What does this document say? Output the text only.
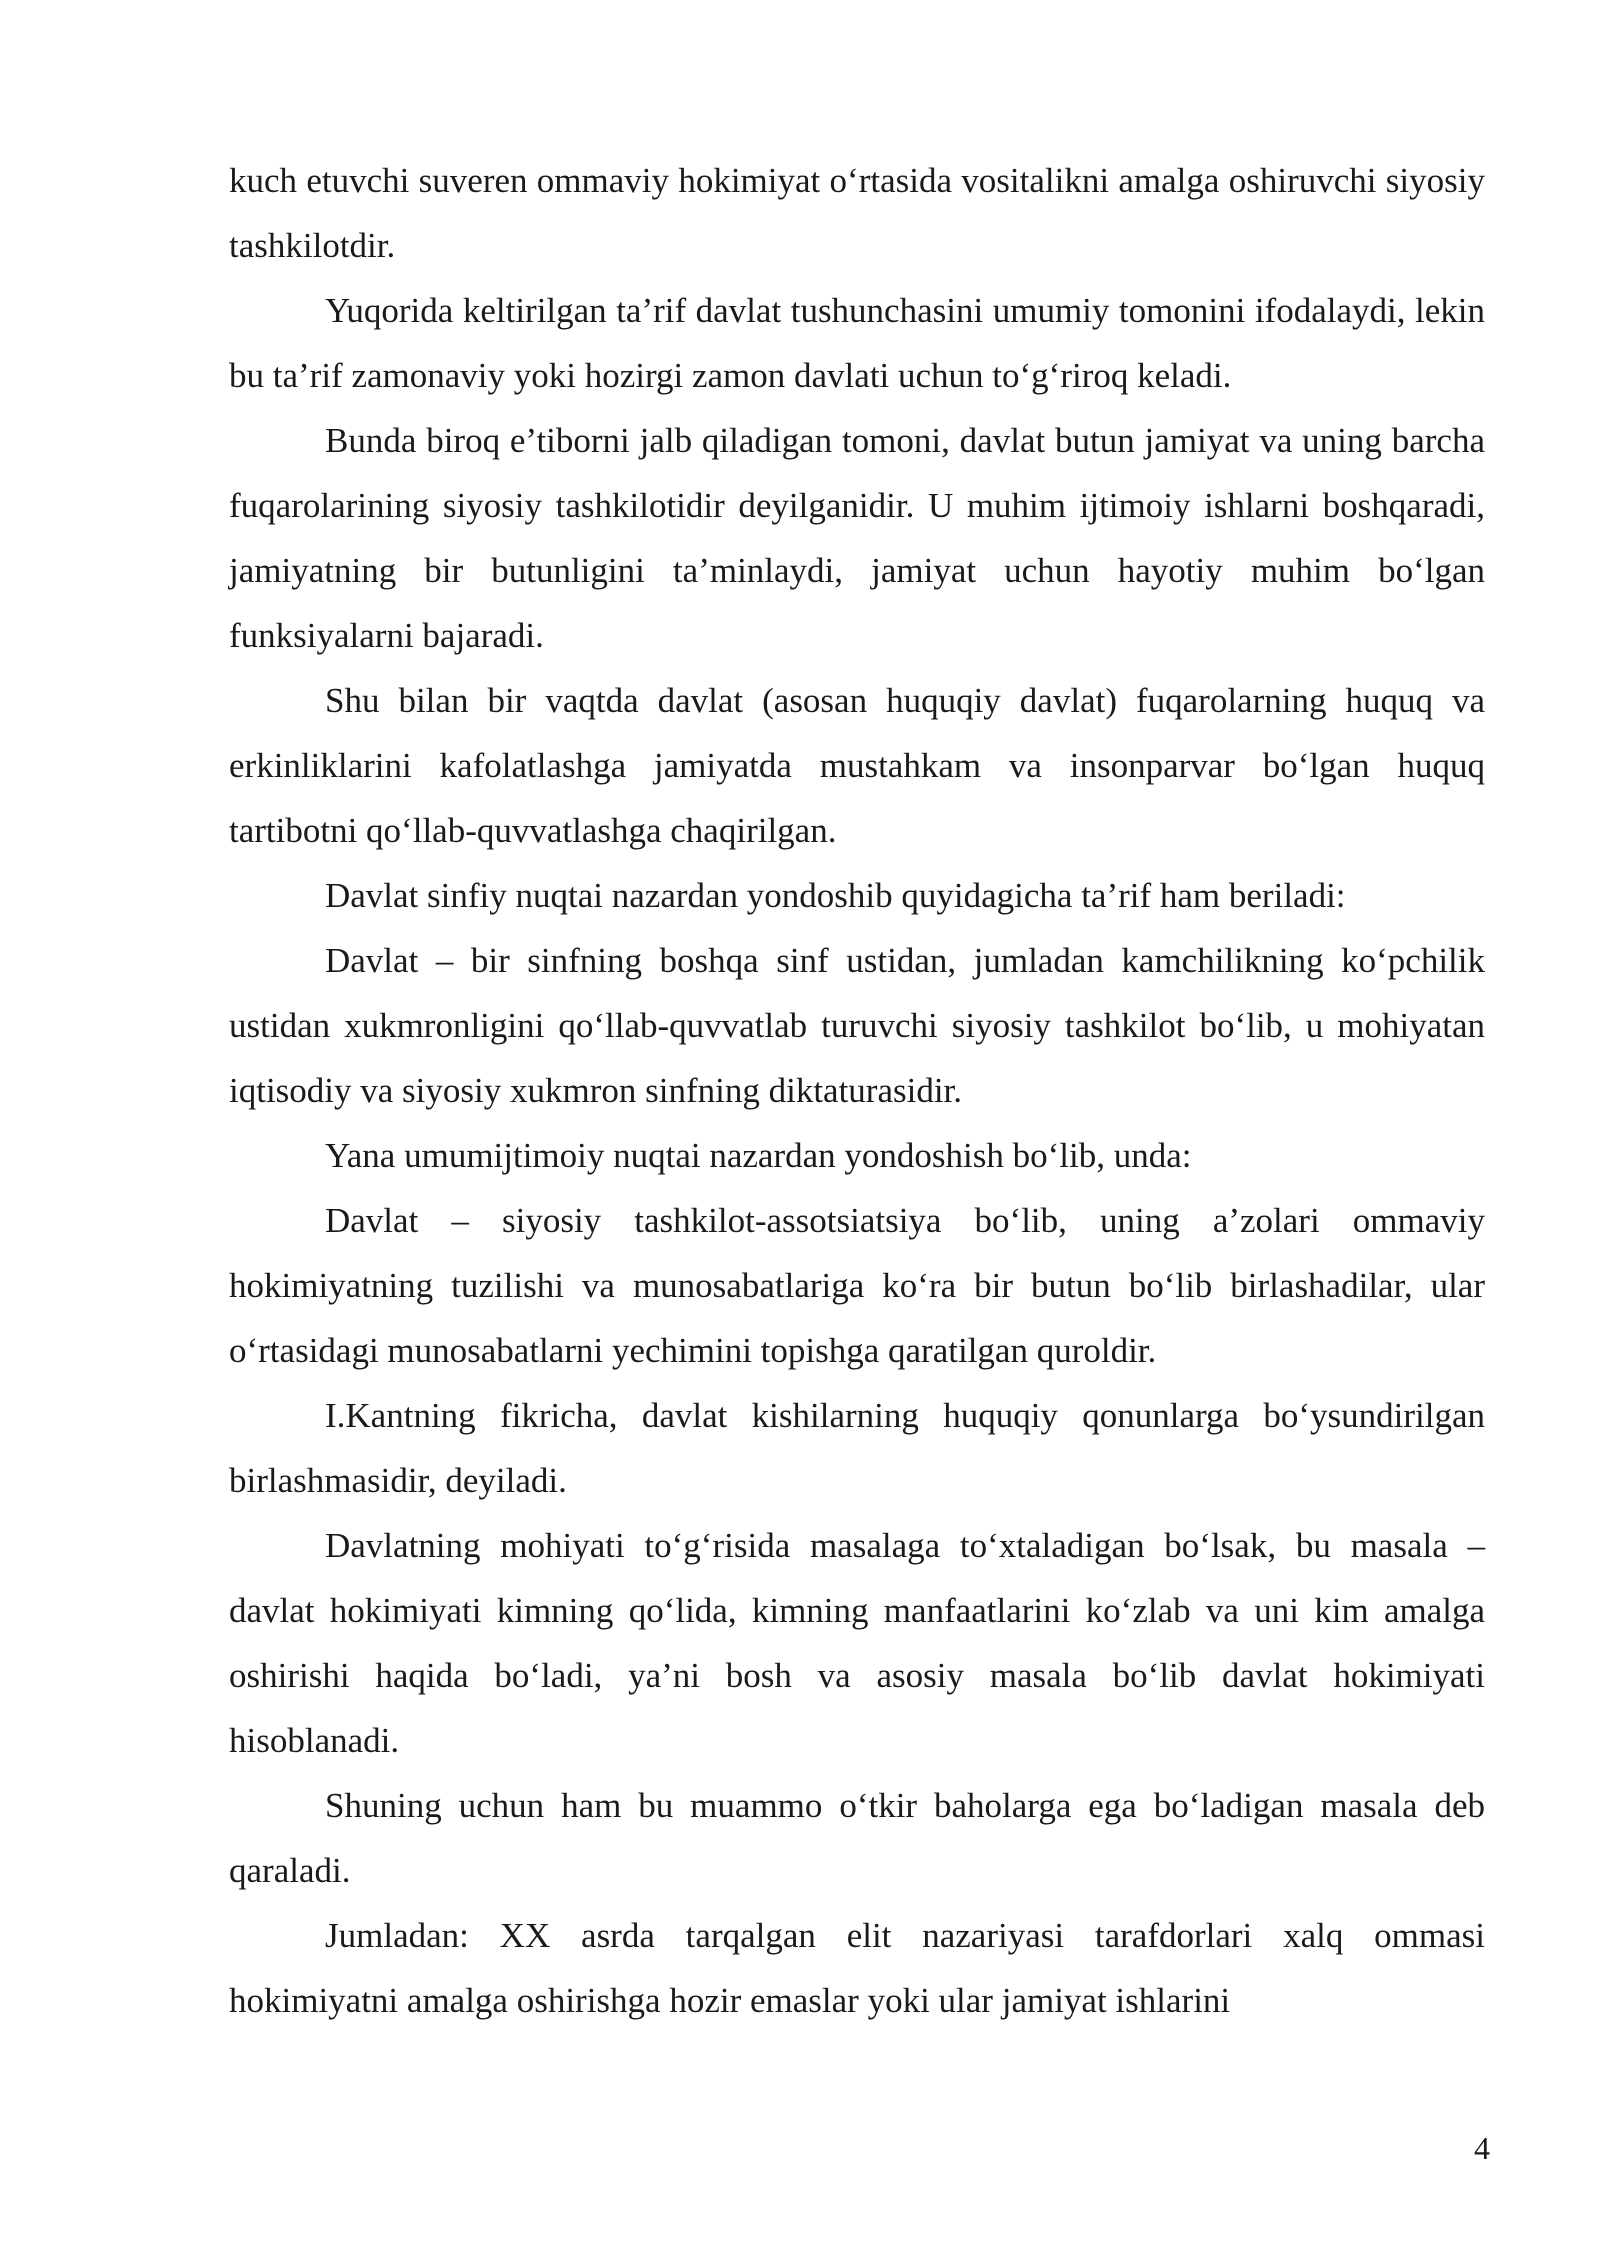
kuch etuvchi suveren ommaviy hokimiyat oʻrtasida vositalikni amalga oshiruvchi siyosiy tashkilotdir.

Yuqorida keltirilgan ta’rif davlat tushunchasini umumiy tomonini ifodalaydi, lekin bu ta’rif zamonaviy yoki hozirgi zamon davlati uchun toʻgʻriroq keladi.

Bunda biroq e’tiborni jalb qiladigan tomoni, davlat butun jamiyat va uning barcha fuqarolarining siyosiy tashkilotidir deyilganidir. U muhim ijtimoiy ishlarni boshqaradi, jamiyatning bir butunligini ta’minlaydi, jamiyat uchun hayotiy muhim boʻlgan funksiyalarni bajaradi.

Shu bilan bir vaqtda davlat (asosan huquqiy davlat) fuqarolarning huquq va erkinliklarini kafolatlashga jamiyatda mustahkam va insonparvar boʻlgan huquq tartibotni qoʻllab-quvvatlashga chaqirilgan.

Davlat sinfiy nuqtai nazardan yondoshib quyidagicha ta’rif ham beriladi:

Davlat – bir sinfning boshqa sinf ustidan, jumladan kamchilikning koʻpchilik ustidan xukmronligini qoʻllab-quvvatlab turuvchi siyosiy tashkilot boʻlib, u mohiyatan iqtisodiy va siyosiy xukmron sinfning diktaturasidir.

Yana umumijtimoiy nuqtai nazardan yondoshish boʻlib, unda:

Davlat – siyosiy tashkilot-assotsiatsiya boʻlib, uning a’zolari ommaviy hokimiyatning tuzilishi va munosabatlariga koʻra bir butun boʻlib birlashadilar, ular oʻrtasidagi munosabatlarni yechimini topishga qaratilgan quroldir.

I.Kantning fikricha, davlat kishilarning huquqiy qonunlarga boʻysundirilgan birlashmasidir, deyiladi.

Davlatning mohiyati toʻgʻrisida masalaga toʻxtaladigan boʻlsak, bu masala – davlat hokimiyati kimning qoʻlida, kimning manfaatlarini koʻzlab va uni kim amalga oshirishi haqida boʻladi, ya’ni bosh va asosiy masala boʻlib davlat hokimiyati hisoblanadi.

Shuning uchun ham bu muammo oʻtkir baholarga ega boʻladigan masala deb qaraladi.

Jumladan: XX asrda tarqalgan elit nazariyasi tarafdorlari xalq ommasi hokimiyatni amalga oshirishga hozir emaslar yoki ular jamiyat ishlarini

4
